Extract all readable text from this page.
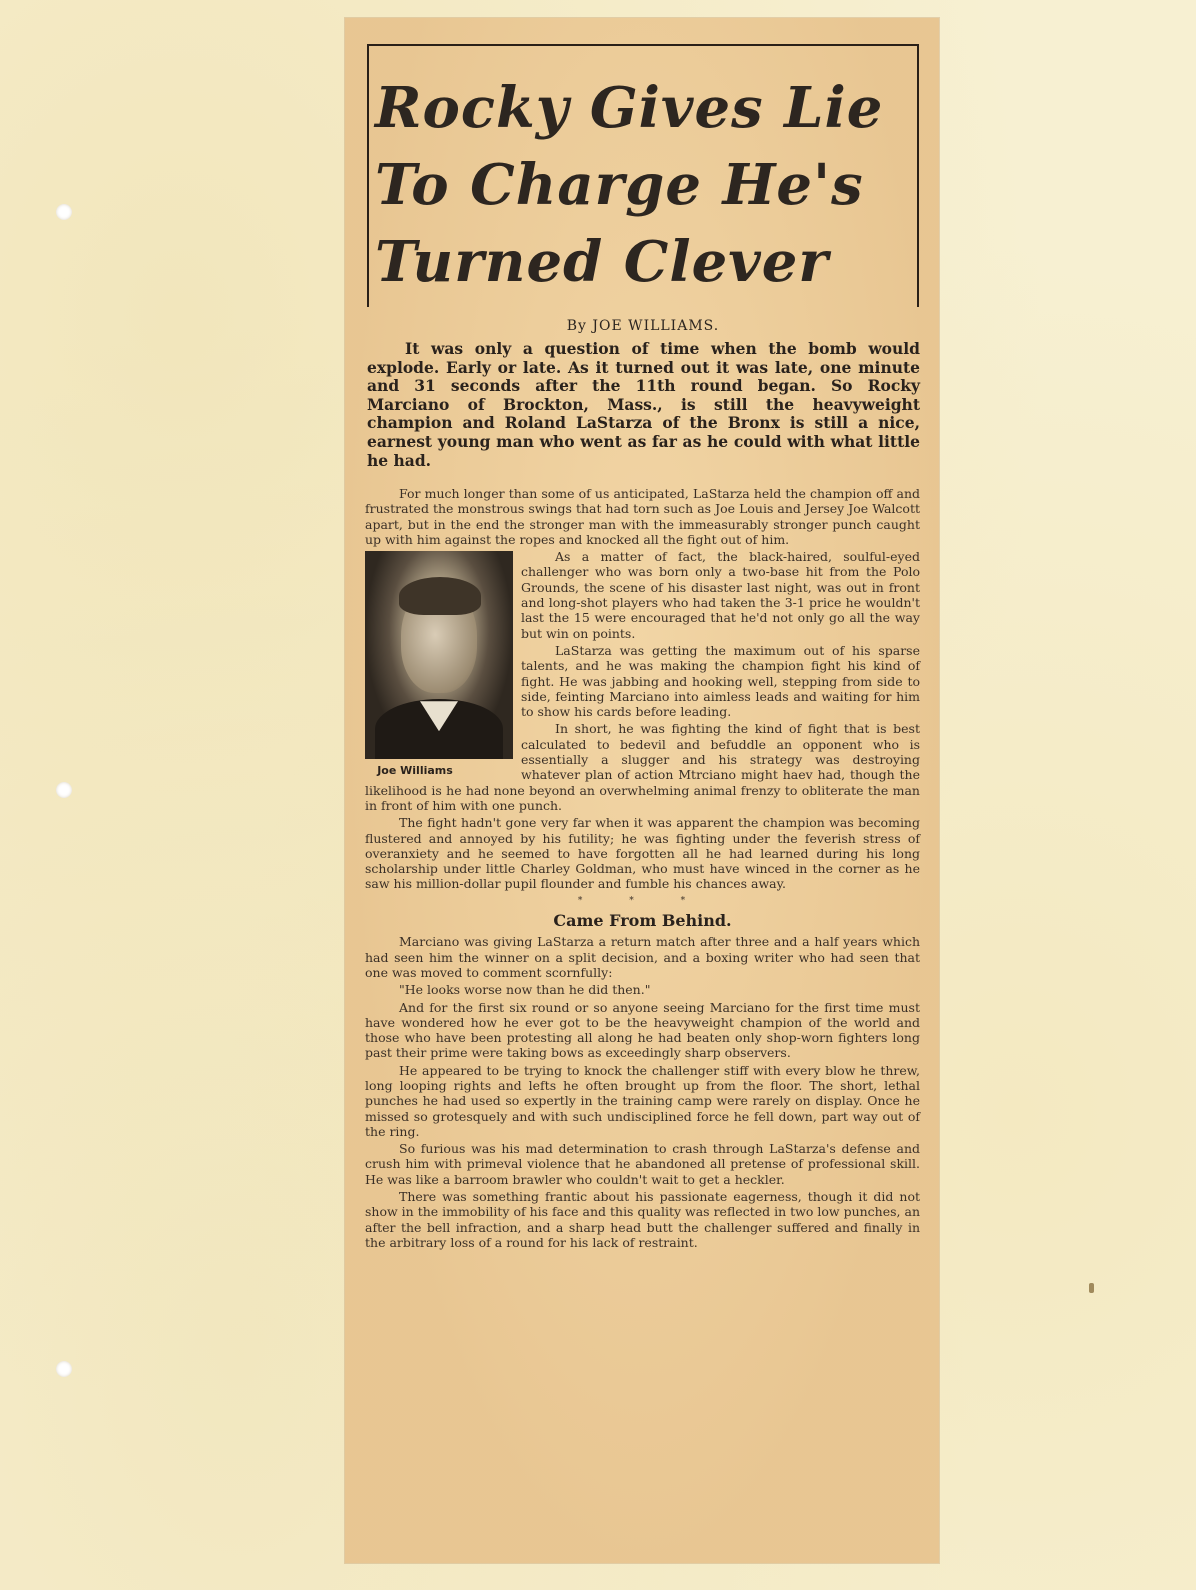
Rocky Gives Lie
To Charge He's
Turned Clever
By JOE WILLIAMS.

It was only a question of time when the bomb would explode. Early or late. As it turned out it was late, one minute and 31 seconds after the 11th round began. So Rocky Marciano of Brockton, Mass., is still the heavyweight champion and Roland LaStarza of the Bronx is still a nice, earnest young man who went as far as he could with what little he had.

For much longer than some of us anticipated, LaStarza held the champion off and frustrated the monstrous swings that had torn such as Joe Louis and Jersey Joe Walcott apart, but in the end the stronger man with the immeasurably stronger punch caught up with him against the ropes and knocked all the fight out of him.

Joe Williams

As a matter of fact, the black-haired, soulful-eyed challenger who was born only a two-base hit from the Polo Grounds, the scene of his disaster last night, was out in front and long-shot players who had taken the 3-1 price he wouldn't last the 15 were encouraged that he'd not only go all the way but win on points.

LaStarza was getting the maximum out of his sparse talents, and he was making the champion fight his kind of fight. He was jabbing and hooking well, stepping from side to side, feinting Marciano into aimless leads and waiting for him to show his cards before leading.

In short, he was fighting the kind of fight that is best calculated to bedevil and befuddle an opponent who is essentially a slugger and his strategy was destroying whatever plan of action Mtrciano might haev had, though the likelihood is he had none beyond an overwhelming animal frenzy to obliterate the man in front of him with one punch.

The fight hadn't gone very far when it was apparent the champion was becoming flustered and annoyed by his futility; he was fighting under the feverish stress of overanxiety and he seemed to have forgotten all he had learned during his long scholarship under little Charley Goldman, who must have winced in the corner as he saw his million-dollar pupil flounder and fumble his chances away.

* * *
Came From Behind.

Marciano was giving LaStarza a return match after three and a half years which had seen him the winner on a split decision, and a boxing writer who had seen that one was moved to comment scornfully:

"He looks worse now than he did then."

And for the first six round or so anyone seeing Marciano for the first time must have wondered how he ever got to be the heavyweight champion of the world and those who have been protesting all along he had beaten only shop-worn fighters long past their prime were taking bows as exceedingly sharp observers.

He appeared to be trying to knock the challenger stiff with every blow he threw, long looping rights and lefts he often brought up from the floor. The short, lethal punches he had used so expertly in the training camp were rarely on display. Once he missed so grotesquely and with such undisciplined force he fell down, part way out of the ring.

So furious was his mad determination to crash through LaStarza's defense and crush him with primeval violence that he abandoned all pretense of professional skill. He was like a barroom brawler who couldn't wait to get a heckler.

There was something frantic about his passionate eagerness, though it did not show in the immobility of his face and this quality was reflected in two low punches, an after the bell infraction, and a sharp head butt the challenger suffered and finally in the arbitrary loss of a round for his lack of restraint.
